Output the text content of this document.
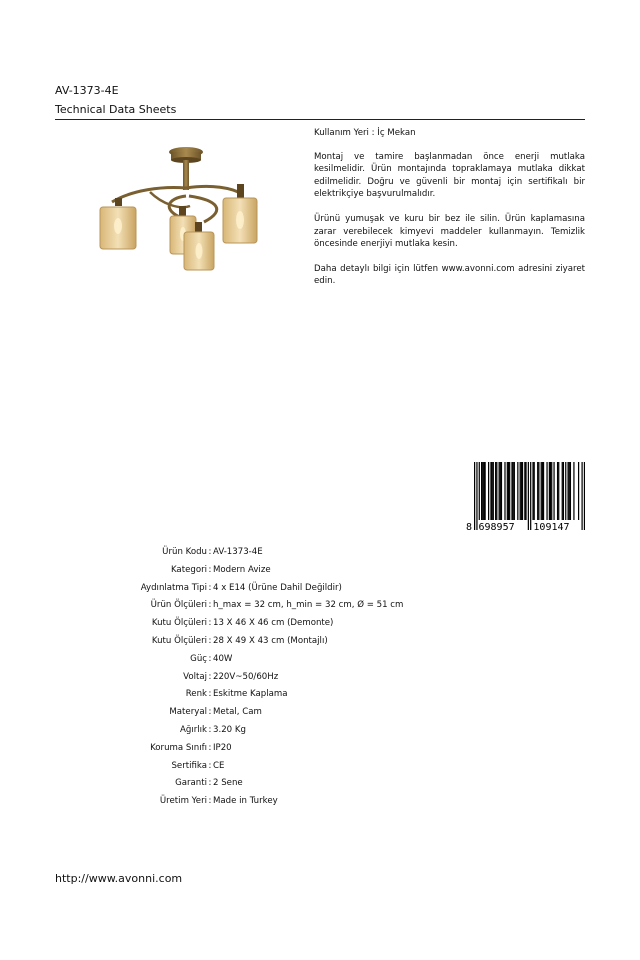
AV-1373-4E
Technical Data Sheets

Kullanım Yeri : İç Mekan

Montaj ve tamire başlanmadan önce enerji mutlaka kesilmelidir. Ürün montajında topraklamaya mutlaka dikkat edilmelidir. Doğru ve güvenli bir montaj için sertifikalı bir elektrikçiye başvurulmalıdır.

Ürünü yumuşak ve kuru bir bez ile silin. Ürün kaplamasına zarar verebilecek kimyevi maddeler kullanmayın. Temizlik öncesinde enerjiyi mutlaka kesin.

Daha detaylı bilgi için lütfen www.avonni.com adresini ziyaret edin.

8 698957 109147
Ürün Kodu : AV-1373-4E
Kategori : Modern Avize
Aydınlatma Tipi : 4 x E14 (Ürüne Dahil Değildir)
Ürün Ölçüleri : h_max = 32 cm, h_min = 32 cm, Ø = 51 cm
Kutu Ölçüleri : 13 X 46 X 46 cm (Demonte)
Kutu Ölçüleri : 28 X 49 X 43 cm (Montajlı)
Güç : 40W
Voltaj : 220V~50/60Hz
Renk : Eskitme Kaplama
Materyal : Metal, Cam
Ağırlık : 3.20 Kg
Koruma Sınıfı : IP20
Sertifika : CE
Garanti : 2 Sene
Üretim Yeri : Made in Turkey
http://www.avonni.com
